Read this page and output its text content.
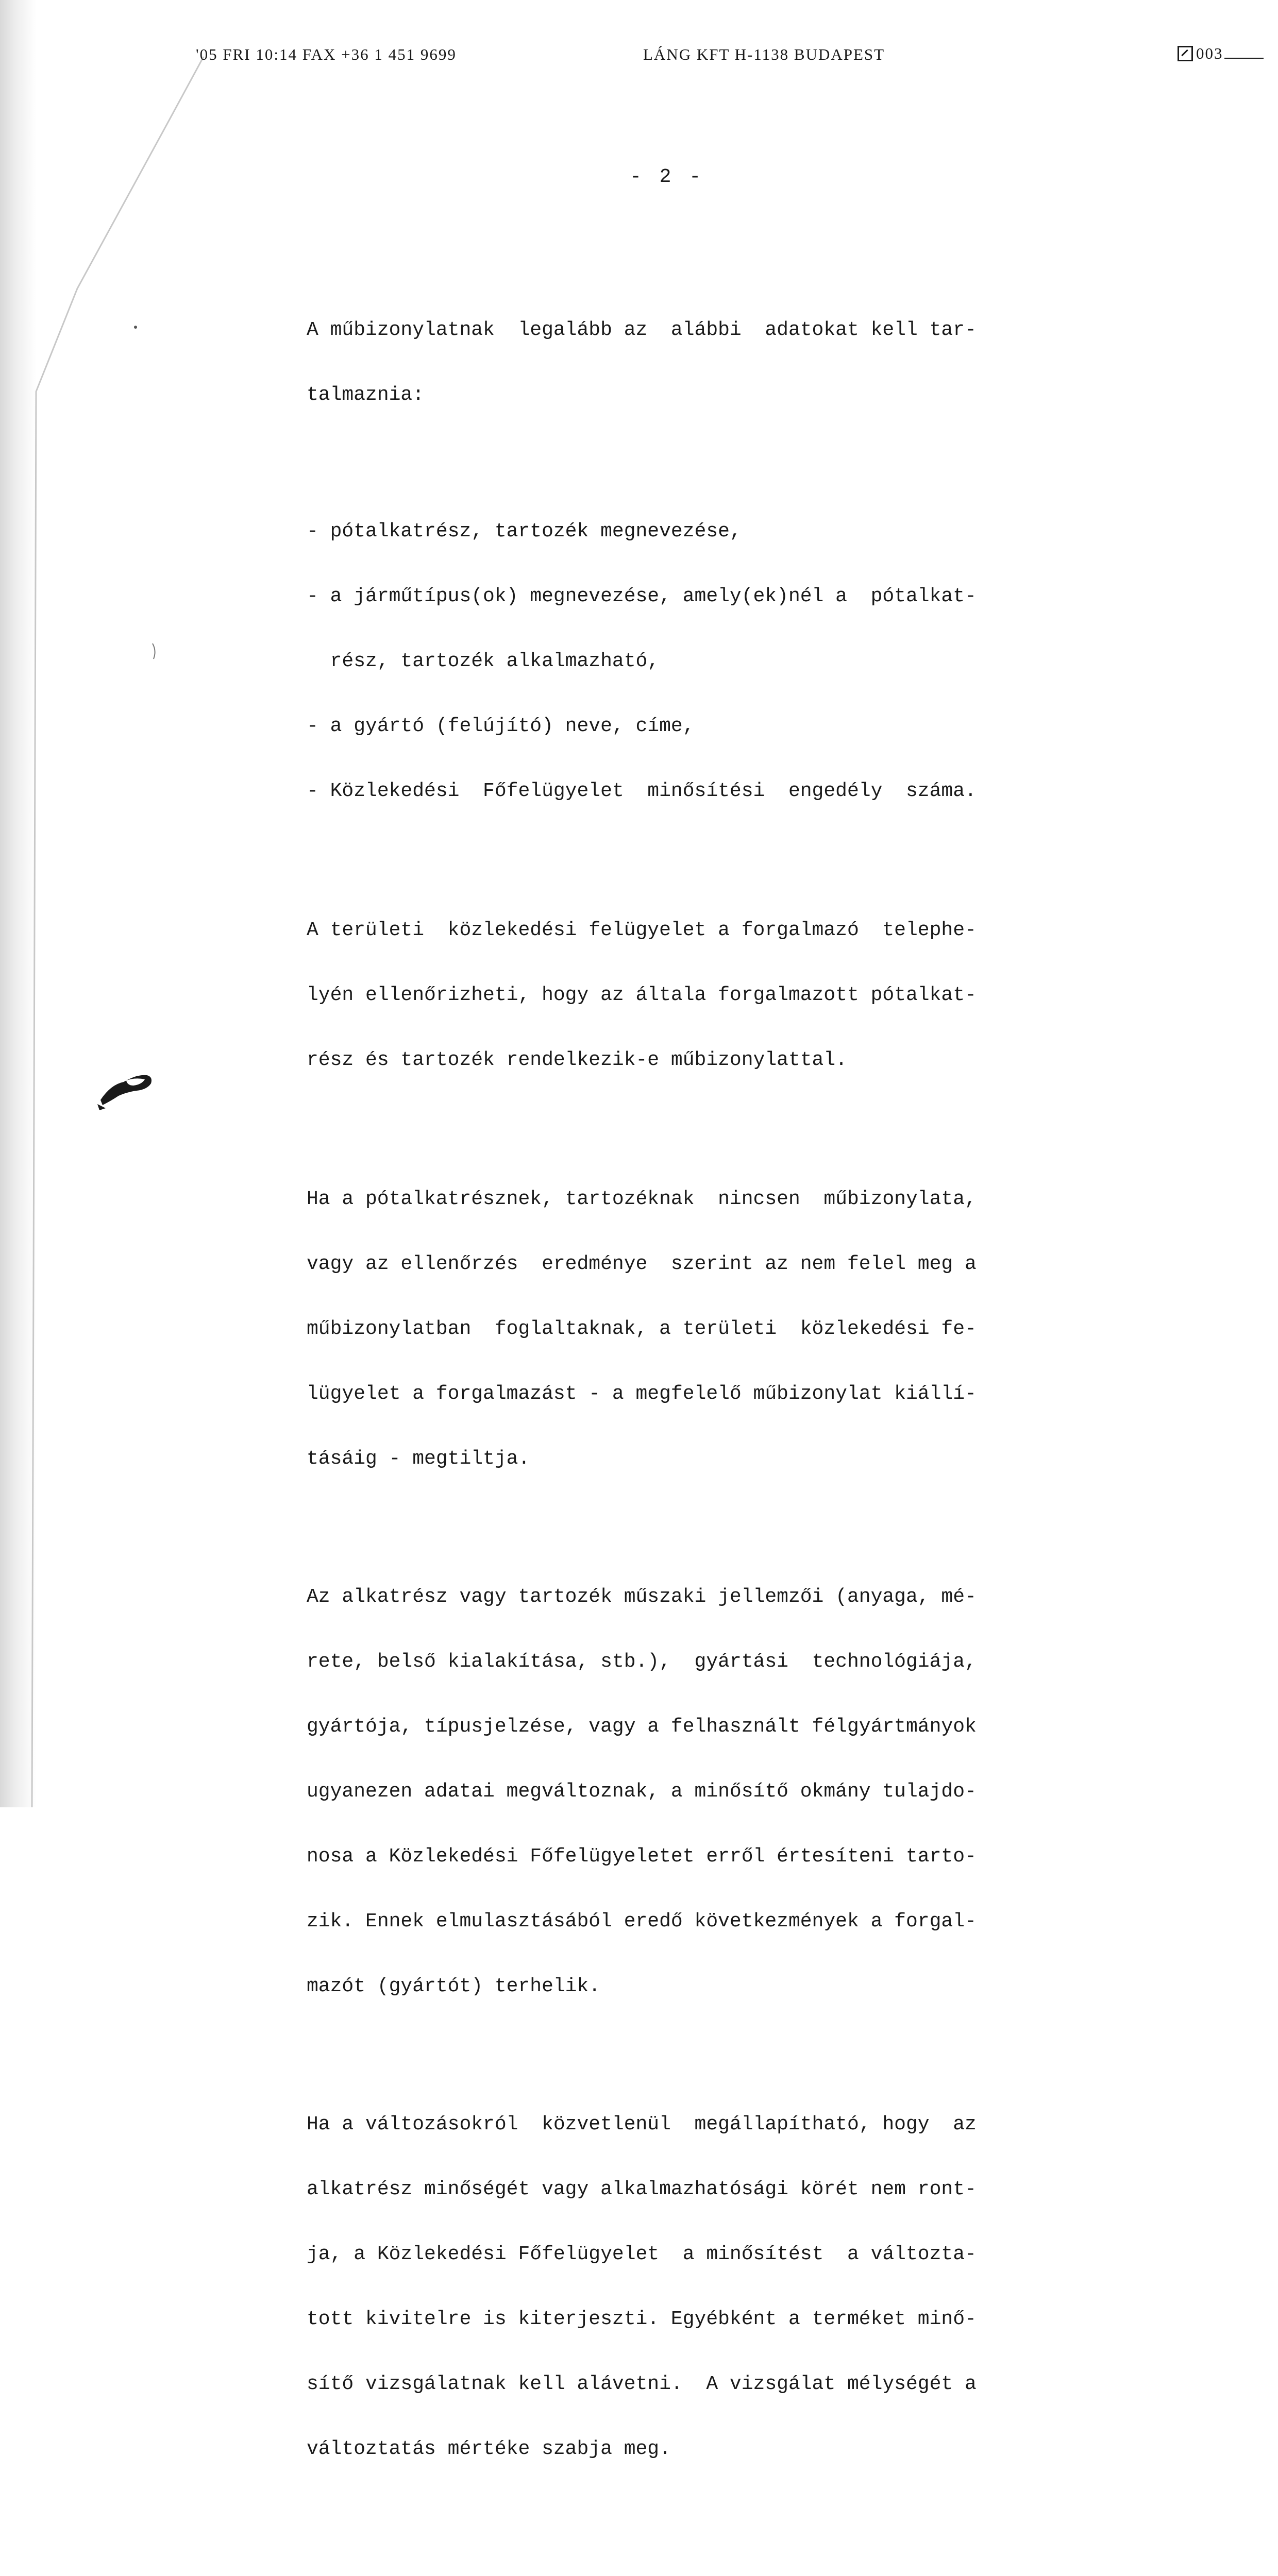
'05 FRI 10:14 FAX +36 1 451 9699	LÁNG KFT H-1138 BUDAPEST	003
- 2 -

A műbizonylatnak  legalább az  alábbi  adatokat kell tar-

talmaznia:

- pótalkatrész, tartozék megnevezése,

- a járműtípus(ok) megnevezése, amely(ek)nél a  pótalkat-

rész, tartozék alkalmazható,

- a gyártó (felújító) neve, címe,

- Közlekedési  Főfelügyelet  minősítési  engedély  száma.

A területi  közlekedési felügyelet a forgalmazó  telephe-

lyén ellenőrizheti, hogy az általa forgalmazott pótalkat-

rész és tartozék rendelkezik-e műbizonylattal.

Ha a pótalkatrésznek, tartozéknak  nincsen  műbizonylata,

vagy az ellenőrzés  eredménye  szerint az nem felel meg a

műbizonylatban  foglaltaknak, a területi  közlekedési fe-

lügyelet a forgalmazást - a megfelelő műbizonylat kiállí-

tásáig - megtiltja.

Az alkatrész vagy tartozék műszaki jellemzői (anyaga, mé-

rete, belső kialakítása, stb.),  gyártási  technológiája,

gyártója, típusjelzése, vagy a felhasznált félgyártmányok

ugyanezen adatai megváltoznak, a minősítő okmány tulajdo-

nosa a Közlekedési Főfelügyeletet erről értesíteni tarto-

zik. Ennek elmulasztásából eredő következmények a forgal-

mazót (gyártót) terhelik.

Ha a változásokról  közvetlenül  megállapítható, hogy  az

alkatrész minőségét vagy alkalmazhatósági körét nem ront-

ja, a Közlekedési Főfelügyelet  a minősítést  a változta-

tott kivitelre is kiterjeszti. Egyébként a terméket minő-

sítő vizsgálatnak kell alávetni.  A vizsgálat mélységét a

változtatás mértéke szabja meg.
